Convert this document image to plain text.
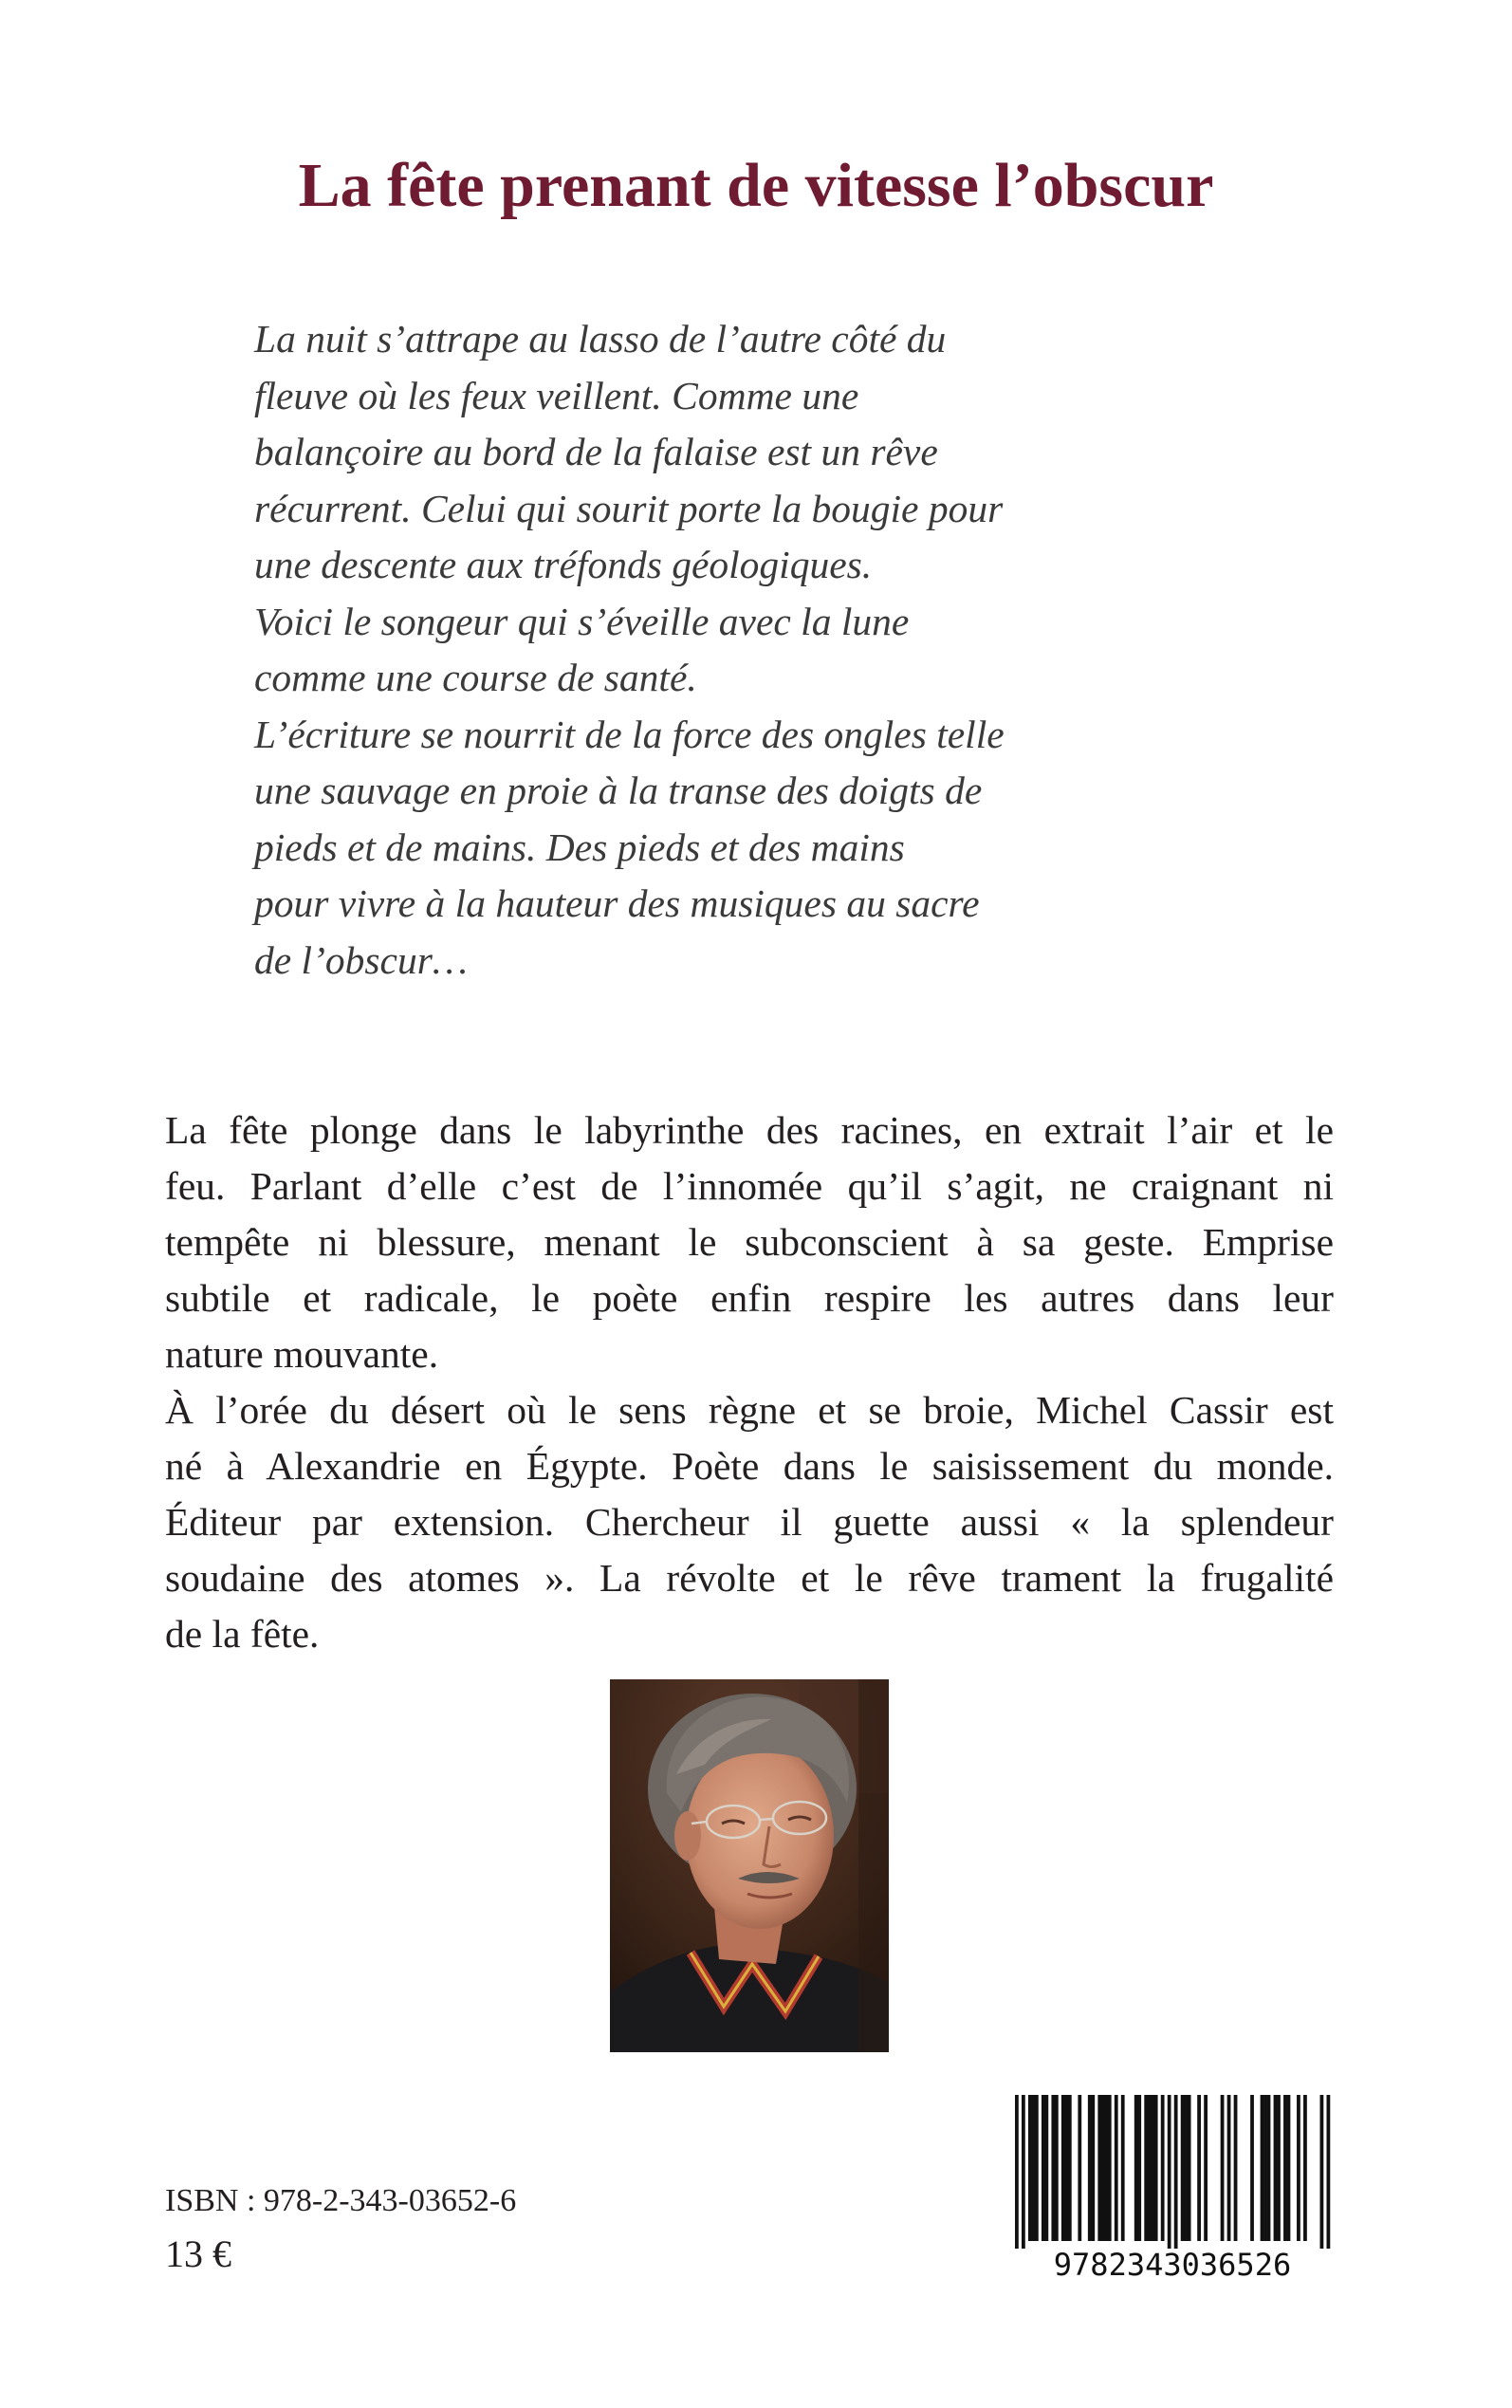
La fête prenant de vitesse l’obscur
La nuit s’attrape au lasso de l’autre côté du
fleuve où les feux veillent. Comme une
balançoire au bord de la falaise est un rêve
récurrent. Celui qui sourit porte la bougie pour
une descente aux tréfonds géologiques.
Voici le songeur qui s’éveille avec la lune
comme une course de santé.
L’écriture se nourrit de la force des ongles telle
une sauvage en proie à la transe des doigts de
pieds et de mains. Des pieds et des mains
pour vivre à la hauteur des musiques au sacre
de l’obscur…
La fête plonge dans le labyrinthe des racines, en extrait l’air et le
feu. Parlant d’elle c’est de l’innomée qu’il s’agit, ne craignant ni
tempête ni blessure, menant le subconscient à sa geste. Emprise
subtile et radicale, le poète enfin respire les autres dans leur
nature mouvante.
À l’orée du désert où le sens règne et se broie, Michel Cassir est
né à Alexandrie en Égypte. Poète dans le saisissement du monde.
Éditeur par extension. Chercheur il guette aussi « la splendeur
soudaine des atomes ». La révolte et le rêve trament la frugalité
de la fête.
ISBN : 978-2-343-03652-6
13 €	9782343036526
